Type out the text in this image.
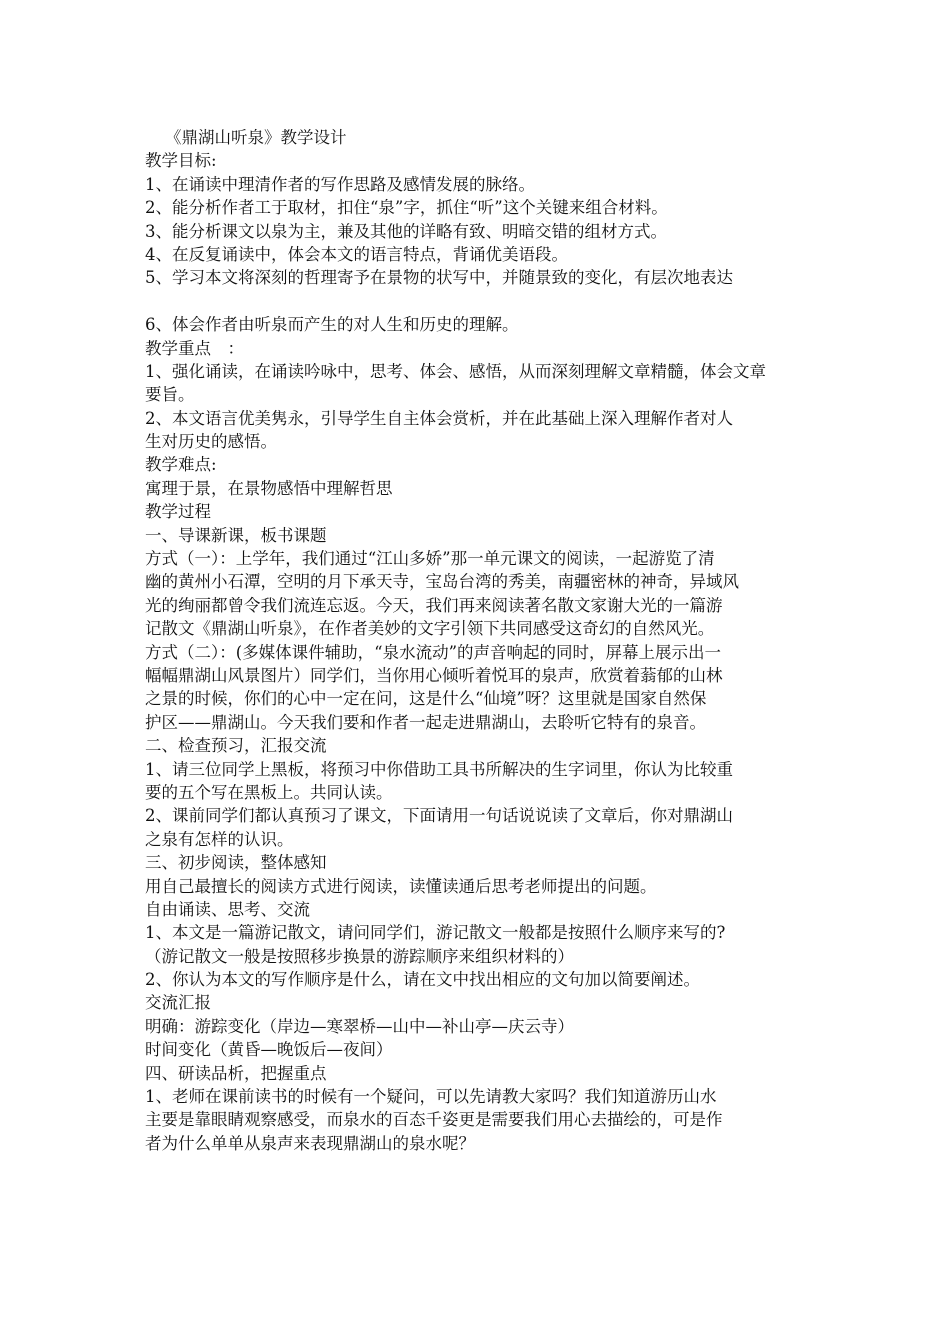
《鼎湖山听泉》教学设计
教学目标:
1、在诵读中理清作者的写作思路及感情发展的脉络。
2、能分析作者工于取材，扣住“泉”字，抓住“听”这个关键来组合材料。
3、能分析课文以泉为主，兼及其他的详略有致、明暗交错的组材方式。
4、在反复诵读中，体会本文的语言特点，背诵优美语段。
5、学习本文将深刻的哲理寄予在景物的状写中，并随景致的变化，有层次地表达
6、体会作者由听泉而产生的对人生和历史的理解。
教学重点　：
1、强化诵读，在诵读吟咏中，思考、体会、感悟，从而深刻理解文章精髓，体会文章
要旨。
2、本文语言优美隽永，引导学生自主体会赏析，并在此基础上深入理解作者对人
生对历史的感悟。
教学难点:
寓理于景，在景物感悟中理解哲思
教学过程
一、导课新课，板书课题
方式（一）：上学年，我们通过“江山多娇”那一单元课文的阅读，一起游览了清
幽的黄州小石潭，空明的月下承天寺，宝岛台湾的秀美，南疆密林的神奇，异域风
光的绚丽都曾令我们流连忘返。今天，我们再来阅读著名散文家谢大光的一篇游
记散文《鼎湖山听泉》，在作者美妙的文字引领下共同感受这奇幻的自然风光。
方式（二）：(多媒体课件辅助，“泉水流动”的声音响起的同时，屏幕上展示出一
幅幅鼎湖山风景图片）同学们，当你用心倾听着悦耳的泉声，欣赏着蓊郁的山林
之景的时候，你们的心中一定在问，这是什么“仙境”呀？这里就是国家自然保
护区——鼎湖山。今天我们要和作者一起走进鼎湖山，去聆听它特有的泉音。
二、检查预习，汇报交流
1、请三位同学上黑板，将预习中你借助工具书所解决的生字词里，你认为比较重
要的五个写在黑板上。共同认读。
2、课前同学们都认真预习了课文，下面请用一句话说说读了文章后，你对鼎湖山
之泉有怎样的认识。
三、初步阅读，整体感知
用自己最擅长的阅读方式进行阅读，读懂读通后思考老师提出的问题。
自由诵读、思考、交流
1、本文是一篇游记散文，请问同学们，游记散文一般都是按照什么顺序来写的?
（游记散文一般是按照移步换景的游踪顺序来组织材料的）
2、你认为本文的写作顺序是什么，请在文中找出相应的文句加以简要阐述。
交流汇报
明确：游踪变化（岸边—寒翠桥—山中—补山亭—庆云寺）
时间变化（黄昏—晚饭后—夜间）
四、研读品析，把握重点
1、老师在课前读书的时候有一个疑问，可以先请教大家吗？我们知道游历山水
主要是靠眼睛观察感受，而泉水的百态千姿更是需要我们用心去描绘的，可是作
者为什么单单从泉声来表现鼎湖山的泉水呢？
